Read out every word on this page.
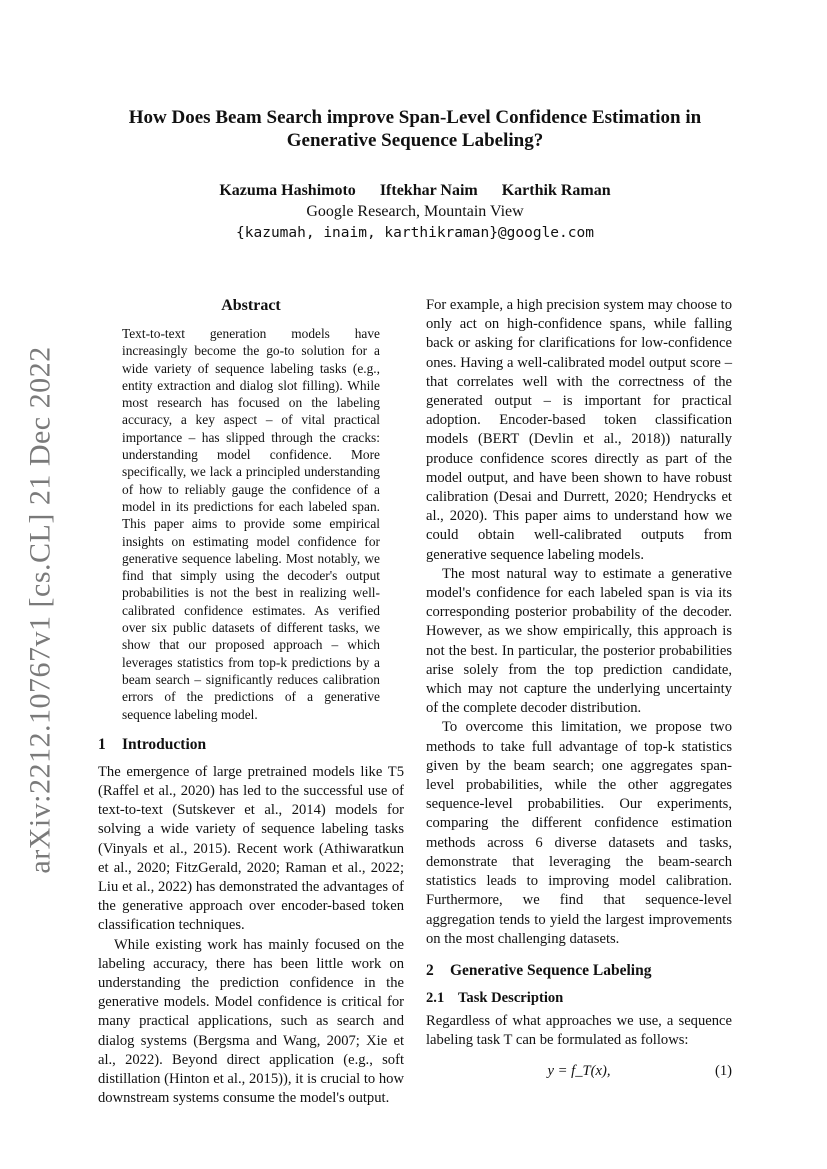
arXiv:2212.10767v1 [cs.CL] 21 Dec 2022
How Does Beam Search improve Span-Level Confidence Estimation in Generative Sequence Labeling?
Kazuma Hashimoto Iftekhar Naim Karthik Raman
Google Research, Mountain View
{kazumah, inaim, karthikraman}@google.com
Abstract

Text-to-text generation models have increasingly become the go-to solution for a wide variety of sequence labeling tasks (e.g., entity extraction and dialog slot filling). While most research has focused on the labeling accuracy, a key aspect – of vital practical importance – has slipped through the cracks: understanding model confidence. More specifically, we lack a principled understanding of how to reliably gauge the confidence of a model in its predictions for each labeled span. This paper aims to provide some empirical insights on estimating model confidence for generative sequence labeling. Most notably, we find that simply using the decoder's output probabilities is not the best in realizing well-calibrated confidence estimates. As verified over six public datasets of different tasks, we show that our proposed approach – which leverages statistics from top-k predictions by a beam search – significantly reduces calibration errors of the predictions of a generative sequence labeling model.

1 Introduction

The emergence of large pretrained models like T5 (Raffel et al., 2020) has led to the successful use of text-to-text (Sutskever et al., 2014) models for solving a wide variety of sequence labeling tasks (Vinyals et al., 2015). Recent work (Athiwaratkun et al., 2020; FitzGerald, 2020; Raman et al., 2022; Liu et al., 2022) has demonstrated the advantages of the generative approach over encoder-based token classification techniques.

While existing work has mainly focused on the labeling accuracy, there has been little work on understanding the prediction confidence in the generative models. Model confidence is critical for many practical applications, such as search and dialog systems (Bergsma and Wang, 2007; Xie et al., 2022). Beyond direct application (e.g., soft distillation (Hinton et al., 2015)), it is crucial to how downstream systems consume the model's output.

For example, a high precision system may choose to only act on high-confidence spans, while falling back or asking for clarifications for low-confidence ones. Having a well-calibrated model output score – that correlates well with the correctness of the generated output – is important for practical adoption. Encoder-based token classification models (BERT (Devlin et al., 2018)) naturally produce confidence scores directly as part of the model output, and have been shown to have robust calibration (Desai and Durrett, 2020; Hendrycks et al., 2020). This paper aims to understand how we could obtain well-calibrated outputs from generative sequence labeling models.

The most natural way to estimate a generative model's confidence for each labeled span is via its corresponding posterior probability of the decoder. However, as we show empirically, this approach is not the best. In particular, the posterior probabilities arise solely from the top prediction candidate, which may not capture the underlying uncertainty of the complete decoder distribution.

To overcome this limitation, we propose two methods to take full advantage of top-k statistics given by the beam search; one aggregates span-level probabilities, while the other aggregates sequence-level probabilities. Our experiments, comparing the different confidence estimation methods across 6 diverse datasets and tasks, demonstrate that leveraging the beam-search statistics leads to improving model calibration. Furthermore, we find that sequence-level aggregation tends to yield the largest improvements on the most challenging datasets.

2 Generative Sequence Labeling
2.1 Task Description

Regardless of what approaches we use, a sequence labeling task T can be formulated as follows:

y = f_T(x),	(1)
